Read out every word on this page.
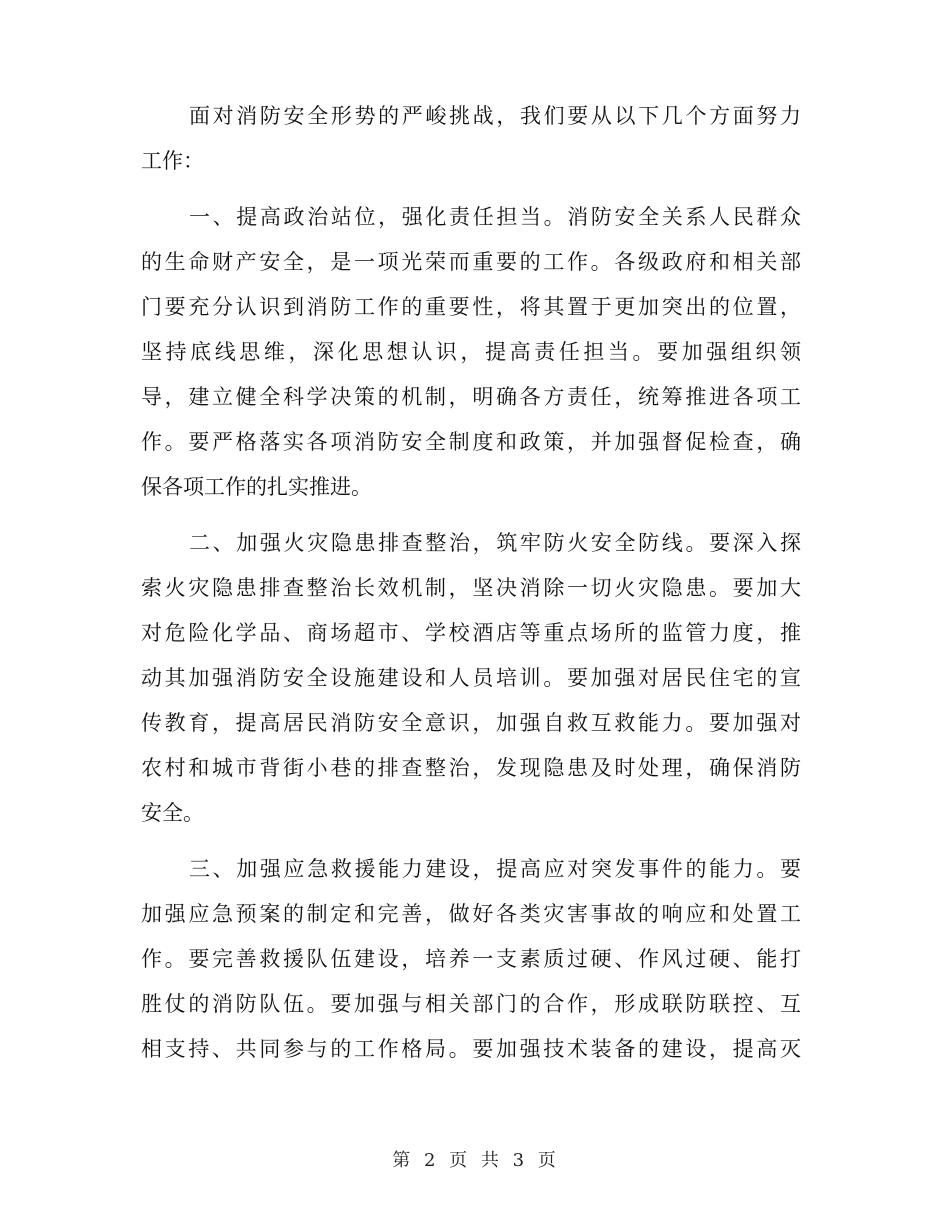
面对消防安全形势的严峻挑战，我们要从以下几个方面努力
工作：
一、提高政治站位，强化责任担当。消防安全关系人民群众
的生命财产安全，是一项光荣而重要的工作。各级政府和相关部
门要充分认识到消防工作的重要性，将其置于更加突出的位置，
坚持底线思维，深化思想认识，提高责任担当。要加强组织领
导，建立健全科学决策的机制，明确各方责任，统筹推进各项工
作。要严格落实各项消防安全制度和政策，并加强督促检查，确
保各项工作的扎实推进。
二、加强火灾隐患排查整治，筑牢防火安全防线。要深入探
索火灾隐患排查整治长效机制，坚决消除一切火灾隐患。要加大
对危险化学品、商场超市、学校酒店等重点场所的监管力度，推
动其加强消防安全设施建设和人员培训。要加强对居民住宅的宣
传教育，提高居民消防安全意识，加强自救互救能力。要加强对
农村和城市背街小巷的排查整治，发现隐患及时处理，确保消防
安全。
三、加强应急救援能力建设，提高应对突发事件的能力。要
加强应急预案的制定和完善，做好各类灾害事故的响应和处置工
作。要完善救援队伍建设，培养一支素质过硬、作风过硬、能打
胜仗的消防队伍。要加强与相关部门的合作，形成联防联控、互
相支持、共同参与的工作格局。要加强技术装备的建设，提高灭
第 2 页 共 3 页
